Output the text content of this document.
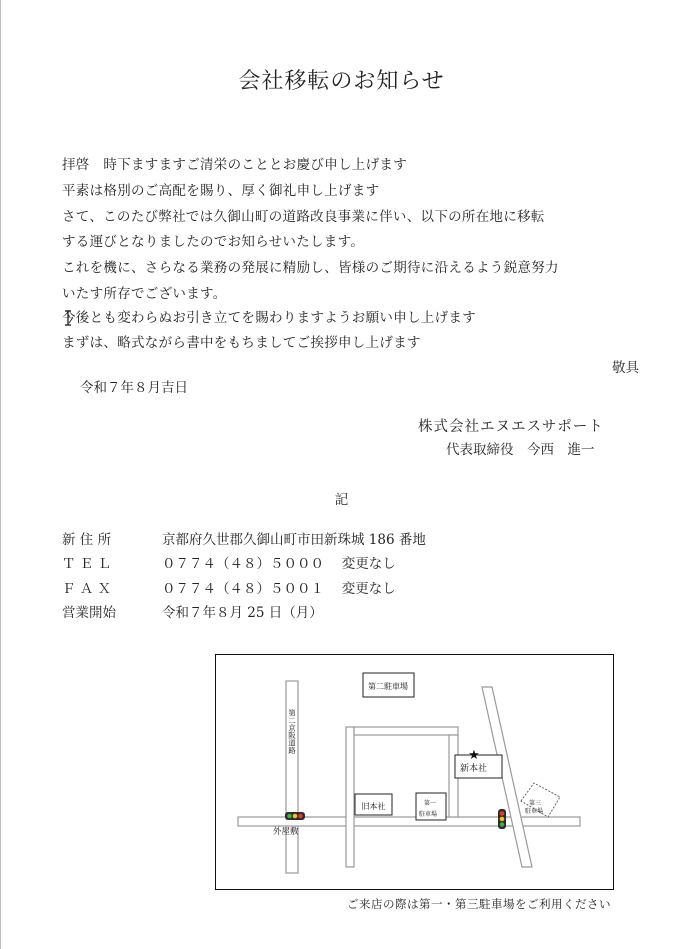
会社移転のお知らせ
拝啓　時下ますますご清栄のこととお慶び申し上げます
平素は格別のご高配を賜り、厚く御礼申し上げます
さて、このたび弊社では久御山町の道路改良事業に伴い、以下の所在地に移転
する運びとなりましたのでお知らせいたします。
これを機に、さらなる業務の発展に精励し、皆様のご期待に沿えるよう鋭意努力
いたす所存でございます。
今後とも変わらぬお引き立てを賜わりますようお願い申し上げます
まずは、略式ながら書中をもちましてご挨拶申し上げます
敬具
令和７年８月吉日
株式会社エヌエスサポート
代表取締役　今西　進一
記
新 住 所	京都府久世郡久御山町市田新珠城 186 番地
Ｔ Ｅ Ｌ	０７７４（４８）５０００　 変更なし
Ｆ Ａ Ｘ	０７７４（４８）５００１　 変更なし
営業開始	令和７年８月 25 日（月）
第二駐車場
旧本社	第一
駐車場
新本社
★
第三
駐車場
外屋敷
第二京阪道路
ご来店の際は第一・第三駐車場をご利用ください
